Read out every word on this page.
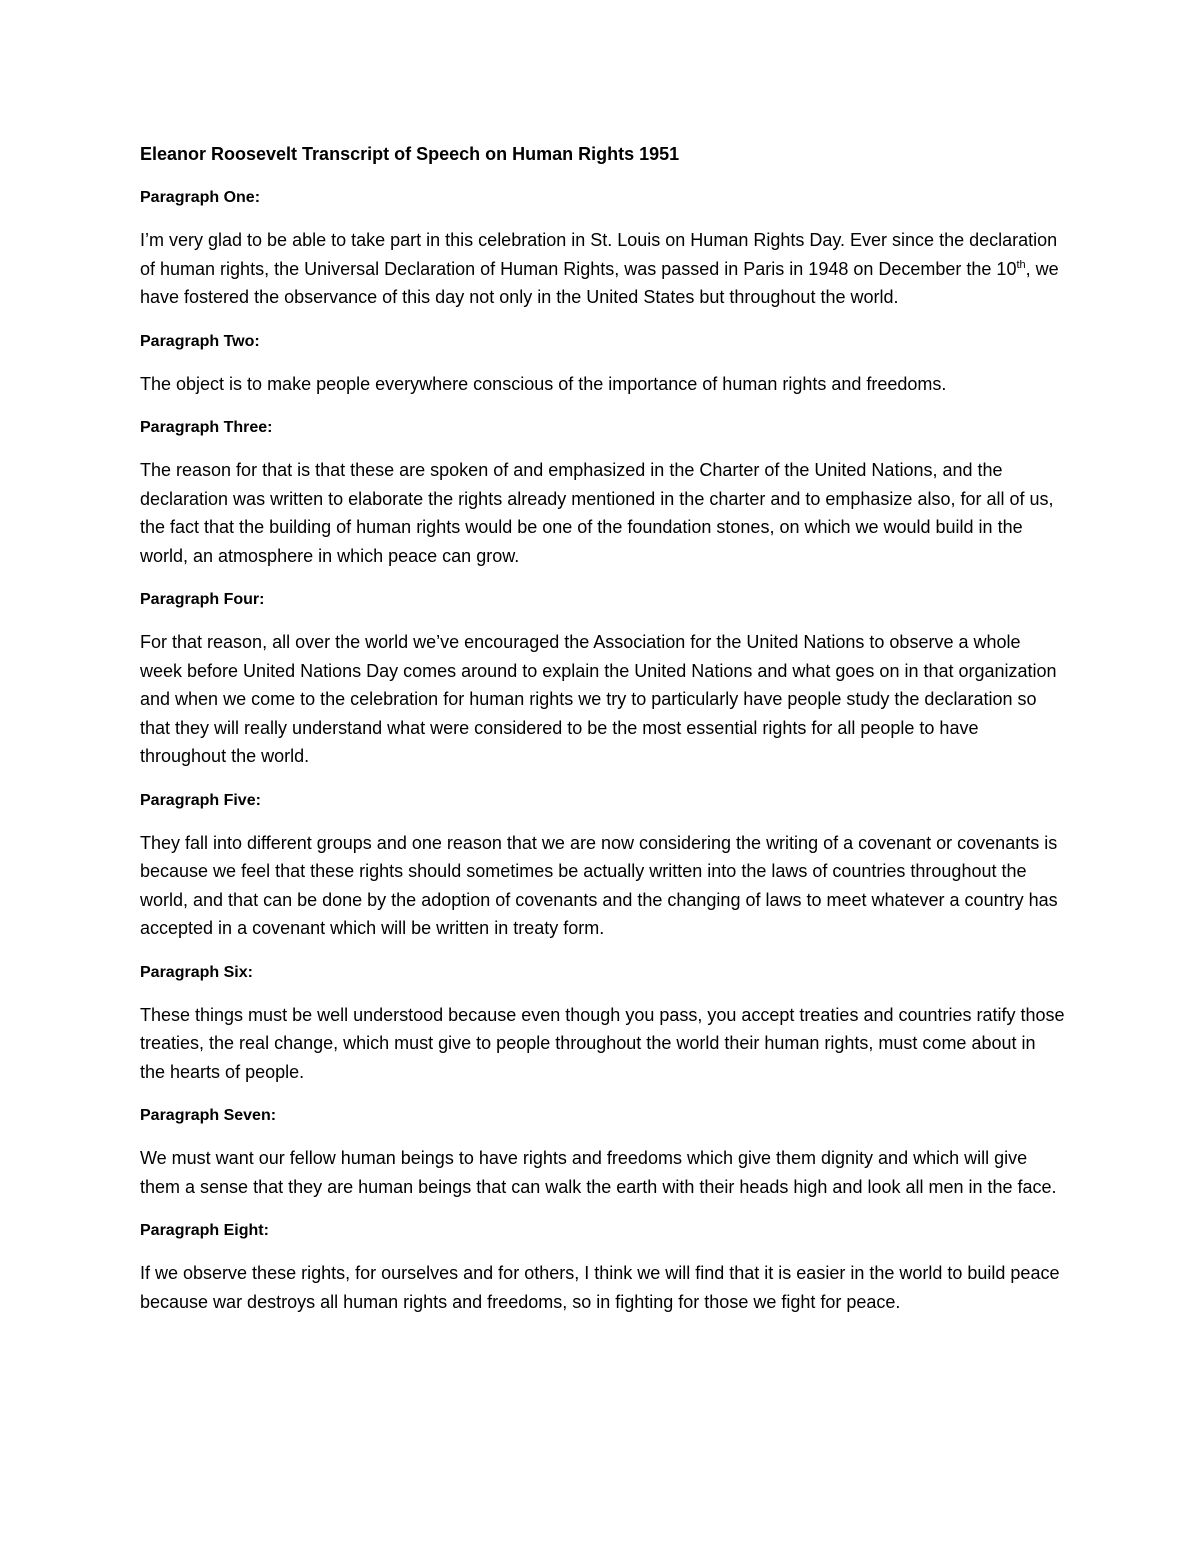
Eleanor Roosevelt Transcript of Speech on Human Rights 1951
Paragraph One:
I’m very glad to be able to take part in this celebration in St. Louis on Human Rights Day. Ever since the declaration of human rights, the Universal Declaration of Human Rights, was passed in Paris in 1948 on December the 10th, we have fostered the observance of this day not only in the United States but throughout the world.
Paragraph Two:
The object is to make people everywhere conscious of the importance of human rights and freedoms.
Paragraph Three:
The reason for that is that these are spoken of and emphasized in the Charter of the United Nations, and the declaration was written to elaborate the rights already mentioned in the charter and to emphasize also, for all of us, the fact that the building of human rights would be one of the foundation stones, on which we would build in the world, an atmosphere in which peace can grow.
Paragraph Four:
For that reason, all over the world we’ve encouraged the Association for the United Nations to observe a whole week before United Nations Day comes around to explain the United Nations and what goes on in that organization and when we come to the celebration for human rights we try to particularly have people study the declaration so that they will really understand what were considered to be the most essential rights for all people to have throughout the world.
Paragraph Five:
They fall into different groups and one reason that we are now considering the writing of a covenant or covenants is because we feel that these rights should sometimes be actually written into the laws of countries throughout the world, and that can be done by the adoption of covenants and the changing of laws to meet whatever a country has accepted in a covenant which will be written in treaty form.
Paragraph Six:
These things must be well understood because even though you pass, you accept treaties and countries ratify those treaties, the real change, which must give to people throughout the world their human rights, must come about in the hearts of people.
Paragraph Seven:
We must want our fellow human beings to have rights and freedoms which give them dignity and which will give them a sense that they are human beings that can walk the earth with their heads high and look all men in the face.
Paragraph Eight:
If we observe these rights, for ourselves and for others, I think we will find that it is easier in the world to build peace because war destroys all human rights and freedoms, so in fighting for those we fight for peace.
